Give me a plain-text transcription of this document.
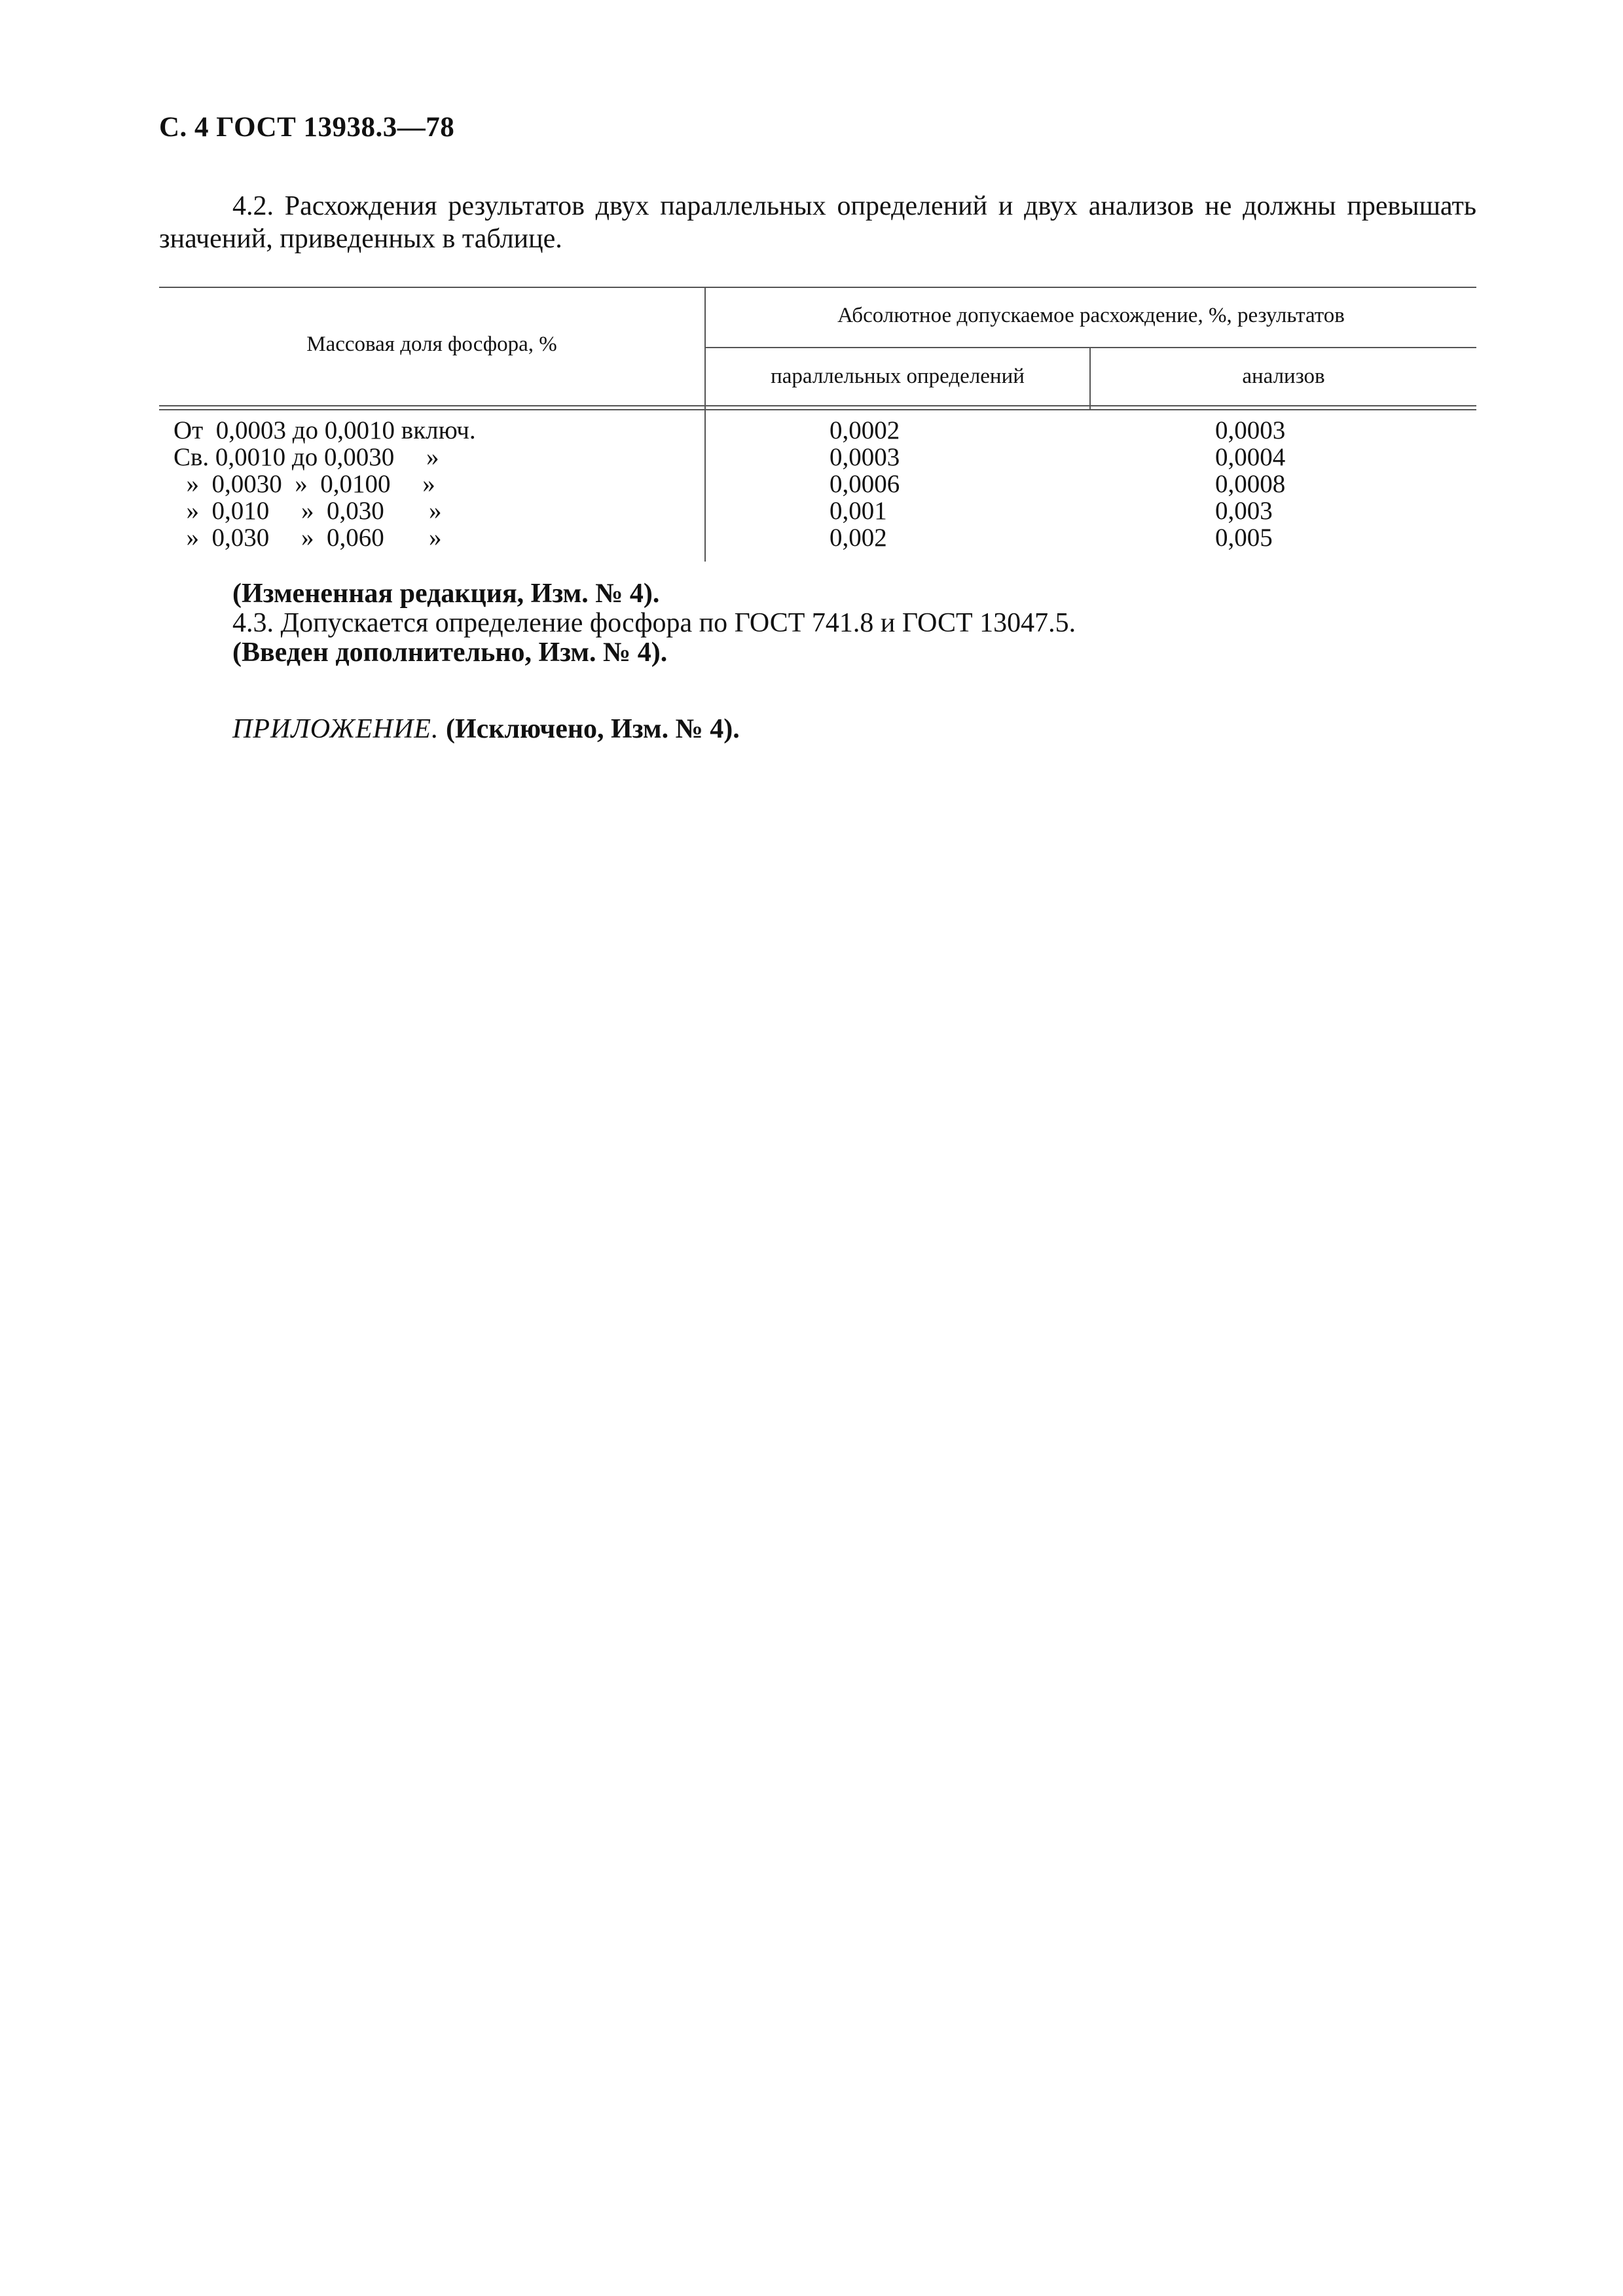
С. 4 ГОСТ 13938.3—78
4.2. Расхождения результатов двух параллельных определений и двух анализов не должны превышать значений, приведенных в таблице.
Массовая доля фосфора, %
Абсолютное допускаемое расхождение, %, результатов
параллельных определений	анализов
От  0,0003 до 0,0010 включ.	0,0002	0,0003
Св. 0,0010 до 0,0030     »	0,0003	0,0004
»  0,0030  »  0,0100     »	0,0006	0,0008
»  0,010     »  0,030       »	0,001	0,003
»  0,030     »  0,060       »	0,002	0,005
(Измененная редакция, Изм. № 4).
4.3. Допускается определение фосфора по ГОСТ 741.8 и ГОСТ 13047.5.
(Введен дополнительно, Изм. № 4).
ПРИЛОЖЕНИЕ. (Исключено, Изм. № 4).
